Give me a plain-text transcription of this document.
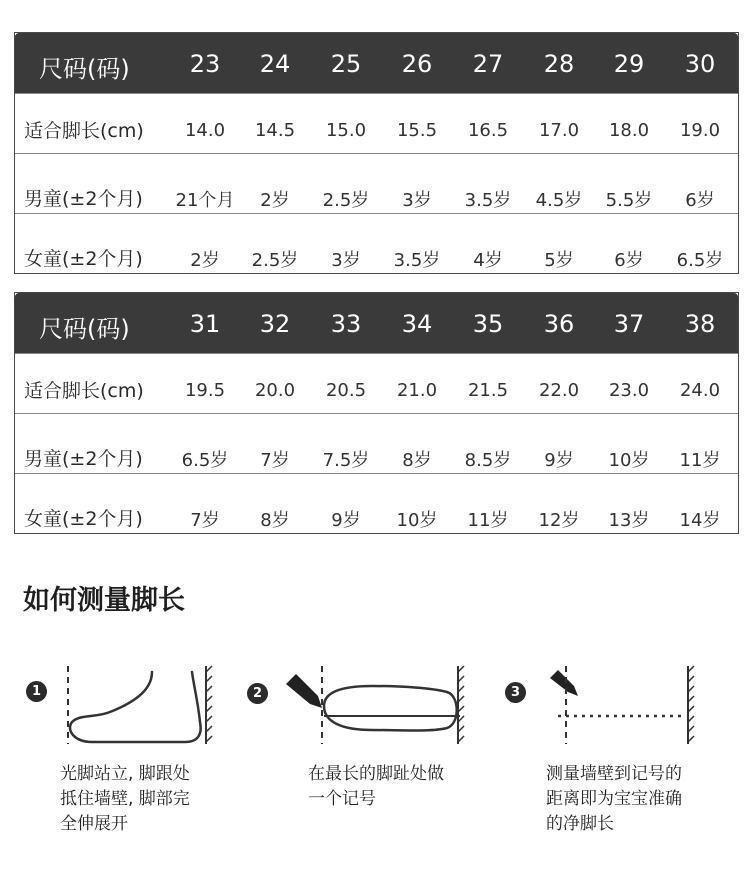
尺码(码)	23	24	25	26	27	28	29	30
适合脚长(cm)	14.0	14.5	15.0	15.5	16.5	17.0	18.0	19.0
男童(±2个月)	21个月	2岁	2.5岁	3岁	3.5岁	4.5岁	5.5岁	6岁
女童(±2个月)	2岁	2.5岁	3岁	3.5岁	4岁	5岁	6岁	6.5岁
尺码(码)	31	32	33	34	35	36	37	38
适合脚长(cm)	19.5	20.0	20.5	21.0	21.5	22.0	23.0	24.0
男童(±2个月)	6.5岁	7岁	7.5岁	8岁	8.5岁	9岁	10岁	11岁
女童(±2个月)	7岁	8岁	9岁	10岁	11岁	12岁	13岁	14岁
如何测量脚长
1
光脚站立, 脚跟处
抵住墙壁, 脚部完
全伸展开
2
在最长的脚趾处做
一个记号
3
测量墙壁到记号的
距离即为宝宝准确
的净脚长
